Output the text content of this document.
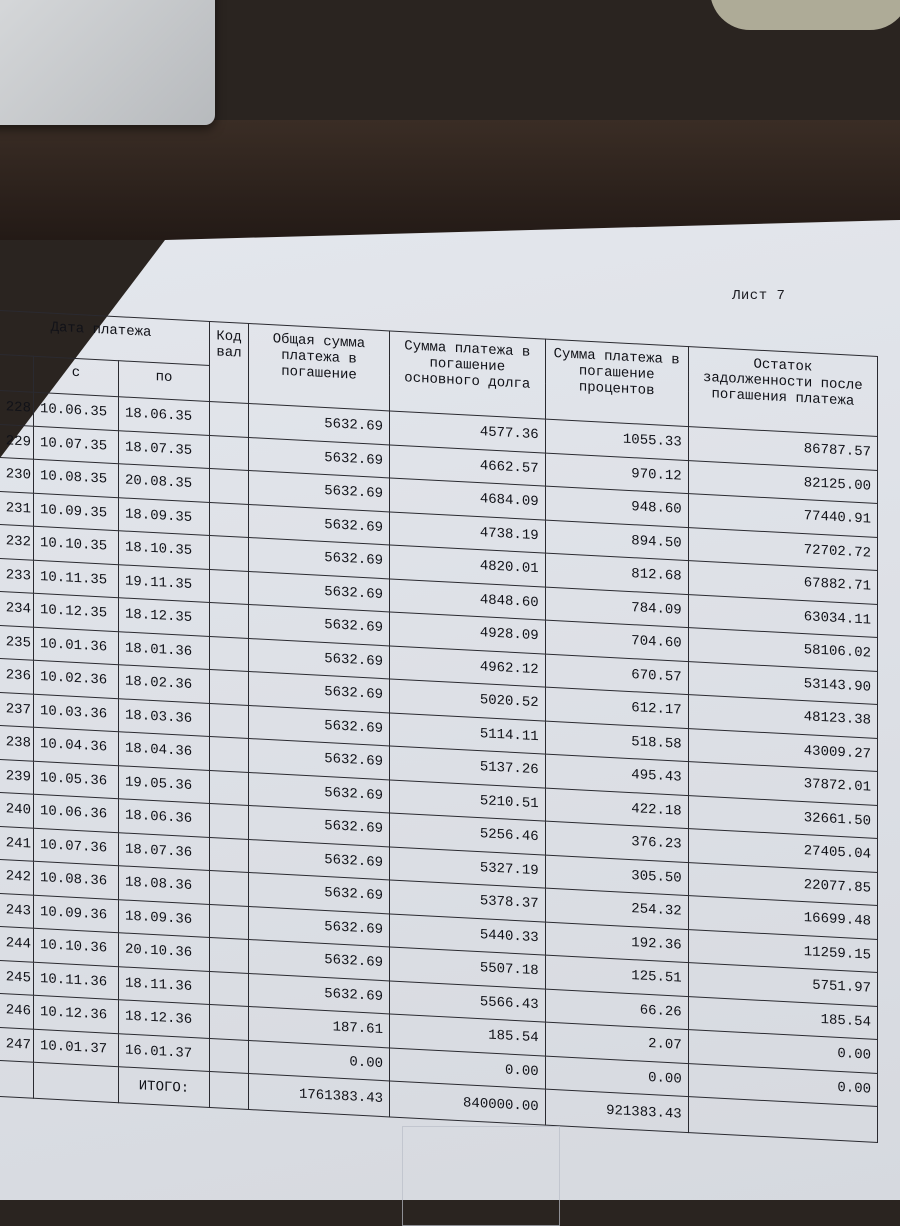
Лист 7
Дата платежа			Код вал	Общая сумма платежа в погашение	Сумма платежа в погашение основного долга	Сумма платежа в погашение процентов	Остаток задолженности после погашения платежа
	с	по					
228	10.06.35	18.06.35		5632.69	4577.36	1055.33	86787.57
229	10.07.35	18.07.35		5632.69	4662.57	970.12	82125.00
230	10.08.35	20.08.35		5632.69	4684.09	948.60	77440.91
231	10.09.35	18.09.35		5632.69	4738.19	894.50	72702.72
232	10.10.35	18.10.35		5632.69	4820.01	812.68	67882.71
233	10.11.35	19.11.35		5632.69	4848.60	784.09	63034.11
234	10.12.35	18.12.35		5632.69	4928.09	704.60	58106.02
235	10.01.36	18.01.36		5632.69	4962.12	670.57	53143.90
236	10.02.36	18.02.36		5632.69	5020.52	612.17	48123.38
237	10.03.36	18.03.36		5632.69	5114.11	518.58	43009.27
238	10.04.36	18.04.36		5632.69	5137.26	495.43	37872.01
239	10.05.36	19.05.36		5632.69	5210.51	422.18	32661.50
240	10.06.36	18.06.36		5632.69	5256.46	376.23	27405.04
241	10.07.36	18.07.36		5632.69	5327.19	305.50	22077.85
242	10.08.36	18.08.36		5632.69	5378.37	254.32	16699.48
243	10.09.36	18.09.36		5632.69	5440.33	192.36	11259.15
244	10.10.36	20.10.36		5632.69	5507.18	125.51	5751.97
245	10.11.36	18.11.36		5632.69	5566.43	66.26	185.54
246	10.12.36	18.12.36		187.61	185.54	2.07	0.00
247	10.01.37	16.01.37		0.00	0.00	0.00	0.00
		ИТОГО:		1761383.43	840000.00	921383.43	
